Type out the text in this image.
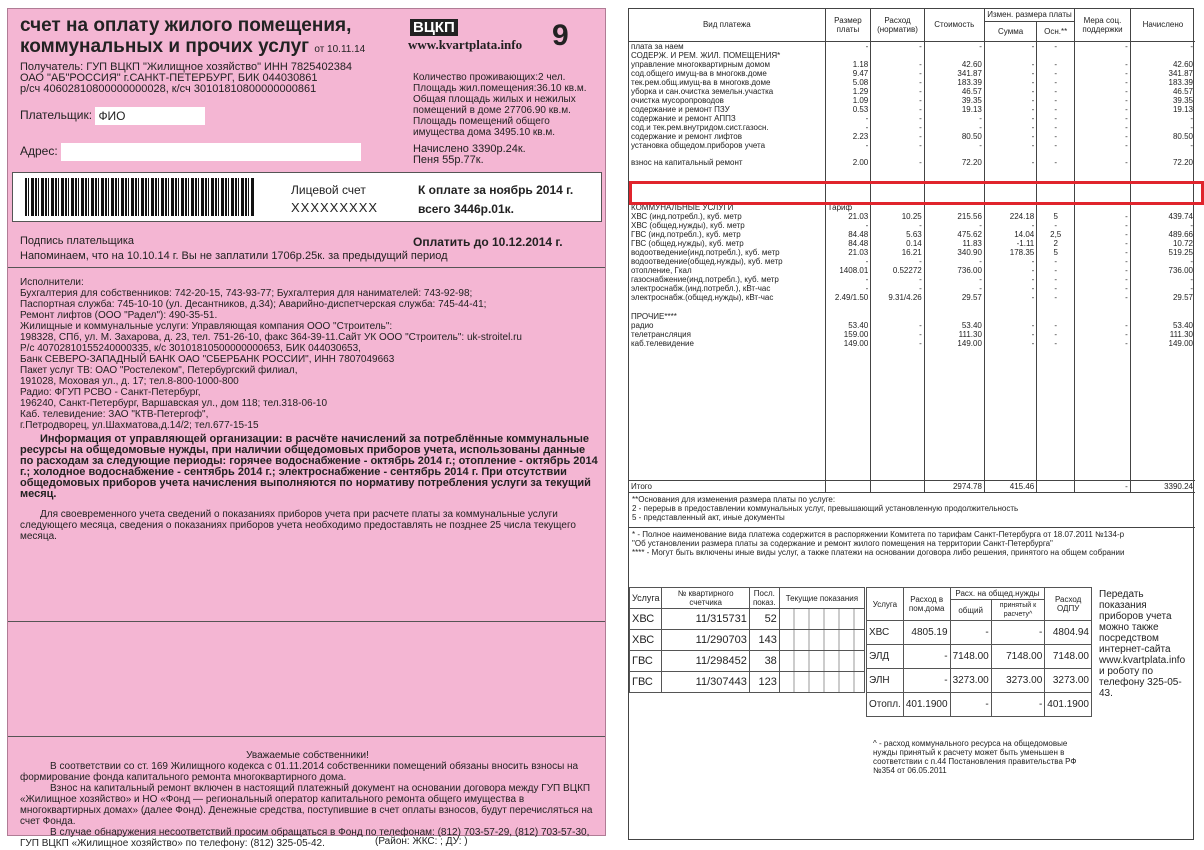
счет на оплату жилого помещения,
коммунальных и прочих услуг от 10.11.14
ВЦКП
www.kvartplata.info 9
Получатель: ГУП ВЦКП "Жилищное хозяйство" ИНН 7825402384
ОАО "АБ"РОССИЯ" г.САНКТ-ПЕТЕРБУРГ, БИК 044030861
р/сч 40602810800000000028, к/сч 30101810800000000861
Плательщик: ФИО
Адрес:
Количество проживающих:2 чел.
Площадь жил.помещения:36.10 кв.м.
Общая площадь жилых и нежилых
помещений в доме 27706.90 кв.м.
Площадь помещений общего
имущества дома 3495.10 кв.м.
Начислено 3390р.24к.
Пеня 55р.77к.
Лицевой счет
XXXXXXXXX
К оплате за ноябрь 2014 г.
всего 3446р.01к.
Подпись плательщика	Оплатить до 10.12.2014 г.
Напоминаем, что на 10.10.14 г. Вы не заплатили 1706р.25к. за предыдущий период
Исполнители:
Бухгалтерия для собственников: 742-20-15, 743-93-77; Бухгалтерия для нанимателей: 743-92-98;
Паспортная служба: 745-10-10 (ул. Десантников, д.34); Аварийно-диспетчерская служба: 745-44-41;
Ремонт лифтов (ООО "Радел"): 490-35-51.
Жилищные и коммунальные услуги: Управляющая компания ООО "Строитель":
198328, СПб, ул. М. Захарова, д. 23, тел. 751-26-10, факс 364-39-11.Сайт УК ООО "Строитель": uk-stroitel.ru
Р/с 40702810155240000335, к/с 30101810500000000653, БИК 044030653,
Банк СЕВЕРО-ЗАПАДНЫЙ БАНК ОАО "СБЕРБАНК РОССИИ", ИНН 7807049663
Пакет услуг ТВ: ОАО "Ростелеком", Петербургский филиал,
191028, Моховая ул., д. 17; тел.8-800-1000-800
Радио: ФГУП РСВО - Санкт-Петербург,
196240, Санкт-Петербург, Варшавская ул., дом 118; тел.318-06-10
Каб. телевидение: ЗАО "КТВ-Петергоф",
г.Петродворец, ул.Шахматова,д.14/2; тел.677-15-15
Информация от управляющей организации: в расчёте начислений за потреблённые коммунальные ресурсы на общедомовые нужды, при наличии общедомовых приборов учета, использованы данные по расходам за следующие периоды: горячее водоснабжение - октябрь 2014 г.; отопление - октябрь 2014 г.; холодное водоснабжение - сентябрь 2014 г.; электроснабжение - сентябрь 2014 г. При отсутствии общедомовых приборов учета начисления выполняются по нормативу потребления услуги за текущий месяц.
Для своевременного учета сведений о показаниях приборов учета при расчете платы за коммунальные услуги следующего месяца, сведения о показаниях приборов учета необходимо предоставлять не позднее 25 числа текущего месяца.
Уважаемые собственники!
В соответствии со ст. 169 Жилищного кодекса с 01.11.2014 собственники помещений обязаны вносить взносы на формирование фонда капитального ремонта многоквартирного дома.
Взнос на капитальный ремонт включен в настоящий платежный документ на основании договора между ГУП ВЦКП «Жилищное хозяйство» и НО «Фонд — региональный оператор капитального ремонта общего имущества в многоквартирных домах» (далее Фонд). Денежные средства, поступившие в счет оплаты взносов, будут перечисляться на счет Фонда.
В случае обнаружения несоответствий просим обращаться в Фонд по телефонам: (812) 703-57-29, (812) 703-57-30, ГУП ВЦКП «Жилищное хозяйство» по телефону: (812) 325-05-42.	(Район: ЖКС: ; ДУ: )
Вид платежа	Размер платы	Расход (норматив)	Стоимость	Измен. размера платы		Мера соц. поддержки	Начислено
				Сумма	Осн.**		
плата за наем	-	-	-	-	-	-	-
СОДЕРЖ. И РЕМ. ЖИЛ. ПОМЕЩЕНИЯ*							
управление многоквартирным домом	1.18	-	42.60	-	-	-	42.60
сод.общего имущ-ва в многокв.доме	9.47	-	341.87	-	-	-	341.87
тек.рем.общ.имущ-ва в многокв.доме	5.08	-	183.39	-	-	-	183.39
уборка и сан.очистка земельн.участка	1.29	-	46.57	-	-	-	46.57
очистка мусоропроводов	1.09	-	39.35	-	-	-	39.35
содержание и ремонт ПЗУ	0.53	-	19.13	-	-	-	19.13
содержание и ремонт АППЗ	-	-	-	-	-	-	-
сод.и тек.рем.внутридом.сист.газосн.	-	-	-	-	-	-	-
содержание и ремонт лифтов	2.23	-	80.50	-	-	-	80.50
установка общедом.приборов учета	-	-	-	-	-	-	-

взнос на капитальный ремонт	2.00	-	72.20	-	-	-	72.20

КОММУНАЛЬНЫЕ УСЛУГИ	Тариф						
ХВС (инд.потребл.), куб. метр	21.03	10.25	215.56	224.18	5	-	439.74
ХВС (общед.нужды), куб. метр	-	-	-	-	-	-	-
ГВС (инд.потребл.), куб. метр	84.48	5.63	475.62	14.04	2,5	-	489.66
ГВС (общед.нужды), куб. метр	84.48	0.14	11.83	-1.11	2	-	10.72
водоотведение(инд.потребл.), куб. метр	21.03	16.21	340.90	178.35	5	-	519.25
водоотведение(общед.нужды), куб. метр	-	-	-	-	-	-	-
отопление, Гкал	1408.01	0.52272	736.00	-	-	-	736.00
газоснабжение(инд.потребл.), куб. метр	-	-	-	-	-	-	-
электроснабж.(инд.потребл.), кВт-час	-	-	-	-	-	-	-
электроснабж.(общед.нужды), кВт-час	2.49/1.50	9.31/4.26	29.57	-	-	-	29.57

ПРОЧИЕ****							
радио	53.40	-	53.40	-	-	-	53.40
телетрансляция	159.00	-	111.30	-	-	-	111.30
каб.телевидение	149.00	-	149.00	-	-	-	149.00

Итого			2974.78	415.46		-	3390.24
**Основания для изменения размера платы по услуге:
2 - перерыв в предоставлении коммунальных услуг, превышающий установленную продолжительность
5 - представленный акт, иные документы
* - Полное наименование вида платежа содержится в распоряжении Комитета по тарифам Санкт-Петербурга от 18.07.2011 №134-р
"Об установлении размера платы за содержание и ремонт жилого помещения на территории Санкт-Петербурга"
**** - Могут быть включены иные виды услуг, а также платежи на основании договора либо решения, принятого на общем собрании
Услуга	№ квартирного счетчика	Посл. показ.	Текущие показания
ХВС	11/315731	52	
ХВС	11/290703	143	
ГВС	11/298452	38	
ГВС	11/307443	123	
Услуга	Расход в пом.дома	Расх. на общед.нужды		Расход ОДПУ
		общий	принятый к расчету^	
ХВС	4805.19	-	-	4804.94
ЭЛД	-	7148.00	7148.00	7148.00
ЭЛН	-	3273.00	3273.00	3273.00
Отопл.	401.1900	-	-	401.1900
^ - расход коммунального ресурса на общедомовые нужды принятый к расчету может быть уменьшен в соответствии с п.44 Постановления правительства РФ №354 от 06.05.2011
Передать показания приборов учета можно также посредством интернет-сайта www.kvartplata.info и роботу по телефону 325-05-43.
